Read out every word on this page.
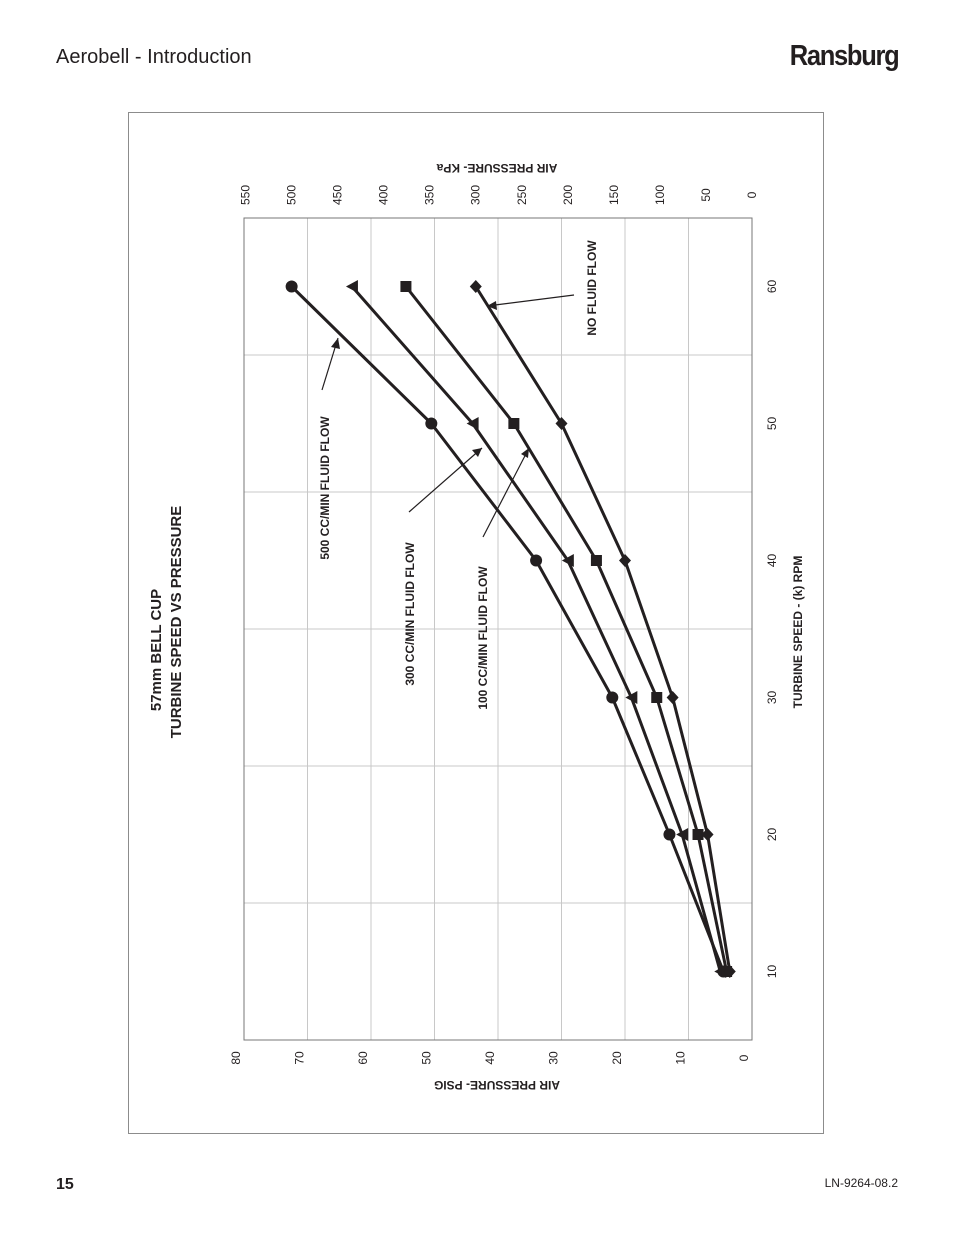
Aerobell - Introduction	Ransburg
0
10
20
30
40
50
60
70
80
0
50
100
150
200
250
300
350
400
450
500
550
10
20
30
40
50
60
57mm BELL CUP TURBINE SPEED VS PRESSURE	TURBINE SPEED - (k) RPM
AIR PRESSURE- PSIG
AIR PRESSURE- KPa
500 CC/MIN FLUID FLOW
300 CC/MIN FLUID FLOW	100 CC/MIN FLUID FLOW
NO FLUID FLOW
15	LN-9264-08.2
